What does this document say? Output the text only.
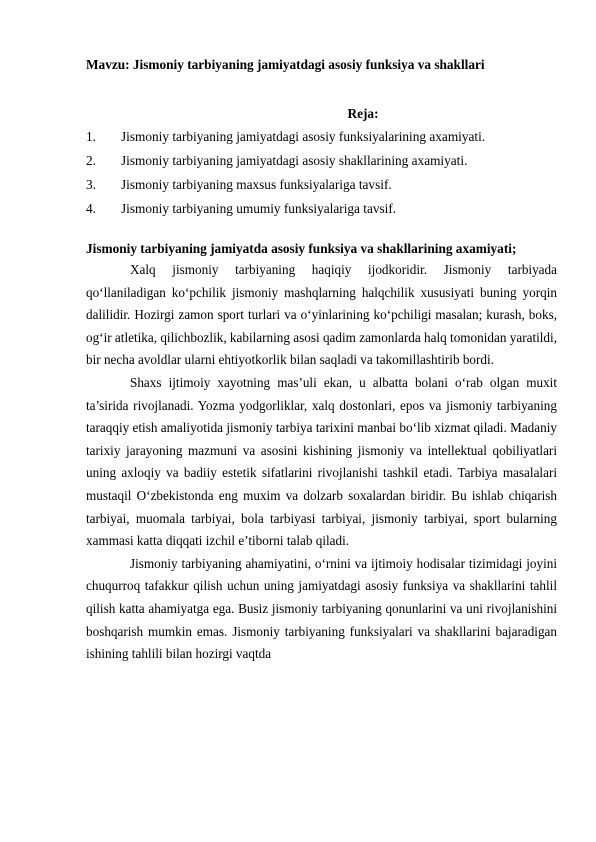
Mavzu: Jismoniy tarbiyaning jamiyatdagi asosiy funksiya va shakllari
Reja:
1. Jismoniy tarbiyaning jamiyatdagi asosiy funksiyalarining axamiyati.
2. Jismoniy tarbiyaning jamiyatdagi asosiy shakllarining axamiyati.
3. Jismoniy tarbiyaning maxsus funksiyalariga tavsif.
4. Jismoniy tarbiyaning umumiy funksiyalariga tavsif.
Jismoniy tarbiyaning jamiyatda asosiy funksiya va shakllarining axamiyati;

Xalq jismoniy tarbiyaning haqiqiy ijodkoridir. Jismoniy tarbiyada qo‘llaniladigan ko‘pchilik jismoniy mashqlarning halqchilik xususiyati buning yorqin dalilidir. Hozirgi zamon sport turlari va o‘yinlarining ko‘pchiligi masalan; kurash, boks, og‘ir atletika, qilichbozlik, kabilarning asosi qadim zamonlarda halq tomonidan yaratildi, bir necha avoldlar ularni ehtiyotkorlik bilan saqladi va takomillashtirib bordi.

Shaxs ijtimoiy xayotning mas’uli ekan, u albatta bolani o‘rab olgan muxit ta’sirida rivojlanadi. Yozma yodgorliklar, xalq dostonlari, epos va jismoniy tarbiyaning taraqqiy etish amaliyotida jismoniy tarbiya tarixini manbai bo‘lib xizmat qiladi. Madaniy tarixiy jarayoning mazmuni va asosini kishining jismoniy va intellektual qobiliyatlari uning axloqiy va badiiy estetik sifatlarini rivojlanishi tashkil etadi. Tarbiya masalalari mustaqil O‘zbekistonda eng muxim va dolzarb soxalardan biridir. Bu ishlab chiqarish tarbiyai, muomala tarbiyai, bola tarbiyasi tarbiyai, jismoniy tarbiyai, sport bularning xammasi katta diqqati izchil e’tiborni talab qiladi.

Jismoniy tarbiyaning ahamiyatini, o‘rnini va ijtimoiy hodisalar tizimidagi joyini chuqurroq tafakkur qilish uchun uning jamiyatdagi asosiy funksiya va shakllarini tahlil qilish katta ahamiyatga ega. Busiz jismoniy tarbiyaning qonunlarini va uni rivojlanishini boshqarish mumkin emas. Jismoniy tarbiyaning funksiyalari va shakllarini bajaradigan ishining tahlili bilan hozirgi vaqtda
